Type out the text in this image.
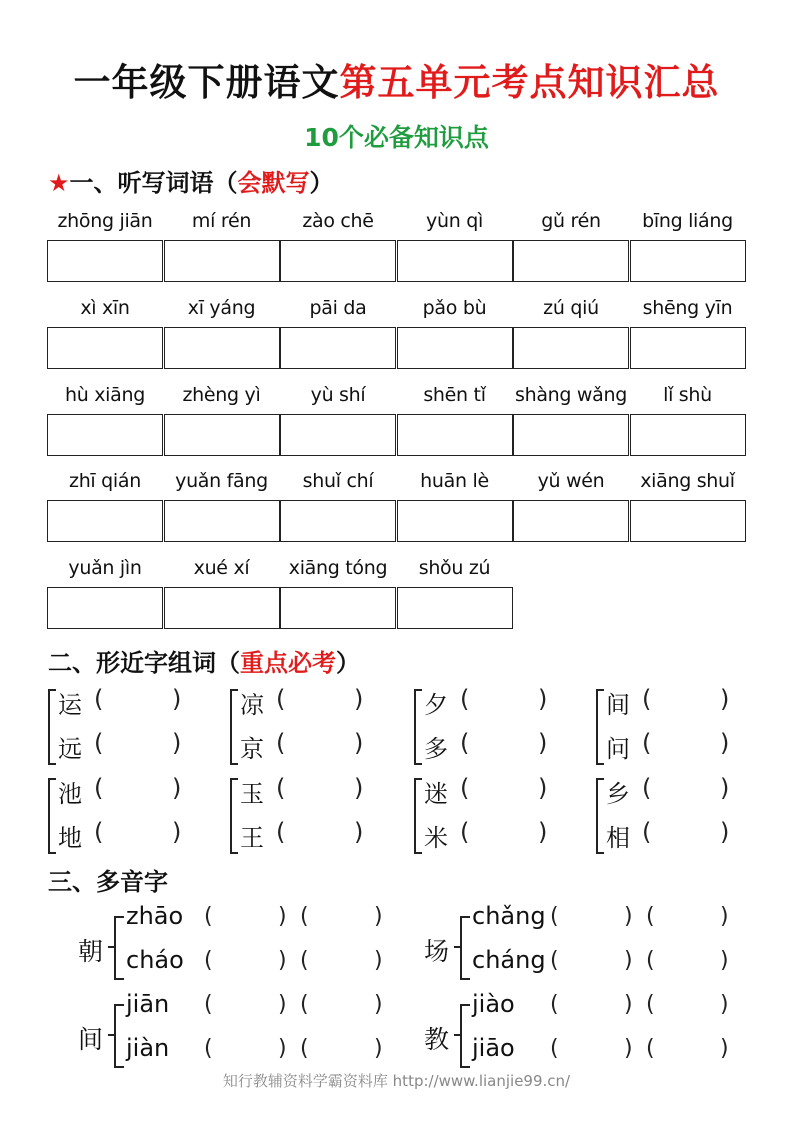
一年级下册语文第五单元考点知识汇总
10个必备知识点
★一、听写词语（会默写）
zhōng jiān	mí rén	zào chē	yùn qì	gǔ rén	bīng liáng
xì xīn	xī yáng	pāi da	pǎo bù	zú qiú	shēng yīn
hù xiāng	zhèng yì	yù shí	shēn tǐ	shàng wǎng	lǐ shù
zhī qián	yuǎn fāng	shuǐ chí	huān lè	yǔ wén	xiāng shuǐ
yuǎn jìn	xué xí	xiāng tóng	shǒu zú
二、形近字组词（重点必考）
运 (	)
远 (	)
凉 (	)
京 (	)
夕 (	)
多 (	)
间 (	)
问 (	)
池 (	)
地 (	)
玉 (	)
王 (	)
迷 (	)
米 (	)
乡 (	)
相 (	)
三、多音字
朝
zhāo (	) (	)
cháo (	) (	) 场
chǎng (	) (	)
cháng (	) (	)
间
jiān (	) (	)
jiàn (	) (	) 教
jiào (	) (	)
jiāo (	) (	)
知行教辅资料学霸资料库 http://www.lianjie99.cn/
